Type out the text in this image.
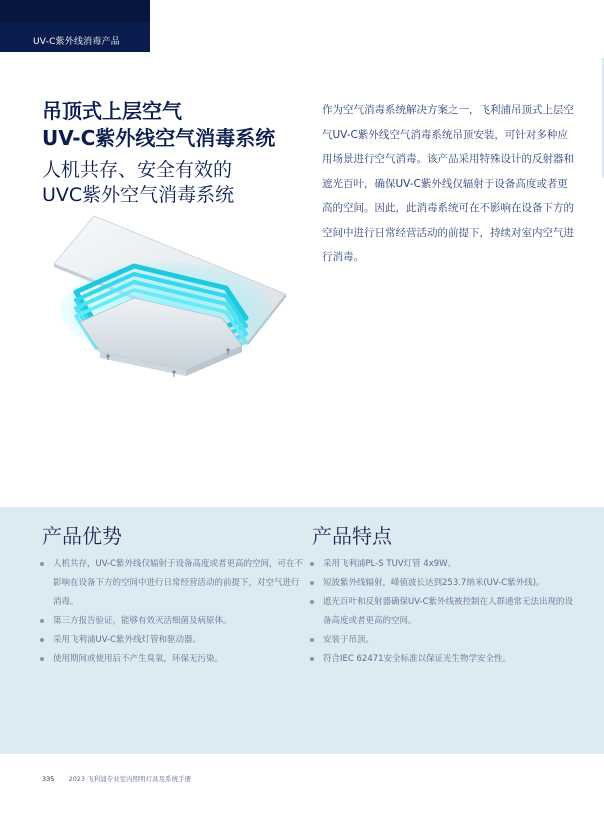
UV-C紫外线消毒产品
吊顶式上层空气
UV-C紫外线空气消毒系统
人机共存、安全有效的
UVC紫外空气消毒系统

作为空气消毒系统解决方案之一，飞利浦吊顶式上层空气UV-C紫外线空气消毒系统吊顶安装，可针对多种应用场景进行空气消毒。该产品采用特殊设计的反射器和遮光百叶，确保UV-C紫外线仅辐射于设备高度或者更高的空间。因此，此消毒系统可在不影响在设备下方的空间中进行日常经营活动的前提下，持续对室内空气进行消毒。

产品优势
人机共存，UV-C紫外线仅辐射于设备高度或者更高的空间，可在不影响在设备下方的空间中进行日常经营活动的前提下，对空气进行消毒。
第三方报告验证，能够有效灭活细菌及病原体。
采用飞利浦UV-C紫外线灯管和驱动器。
使用期间或使用后不产生臭氧，环保无污染。
产品特点
采用飞利浦PL-S TUV灯管 4x9W。
短波紫外线辐射，峰值波长达到253.7纳米(UV-C紫外线)。
遮光百叶和反射器确保UV-C紫外线被控制在人群通常无法出现的设备高度或者更高的空间。
安装于吊顶。
符合IEC 62471安全标准以保证光生物学安全性。
335 2023 飞利浦专业室内照明灯具及系统手册
